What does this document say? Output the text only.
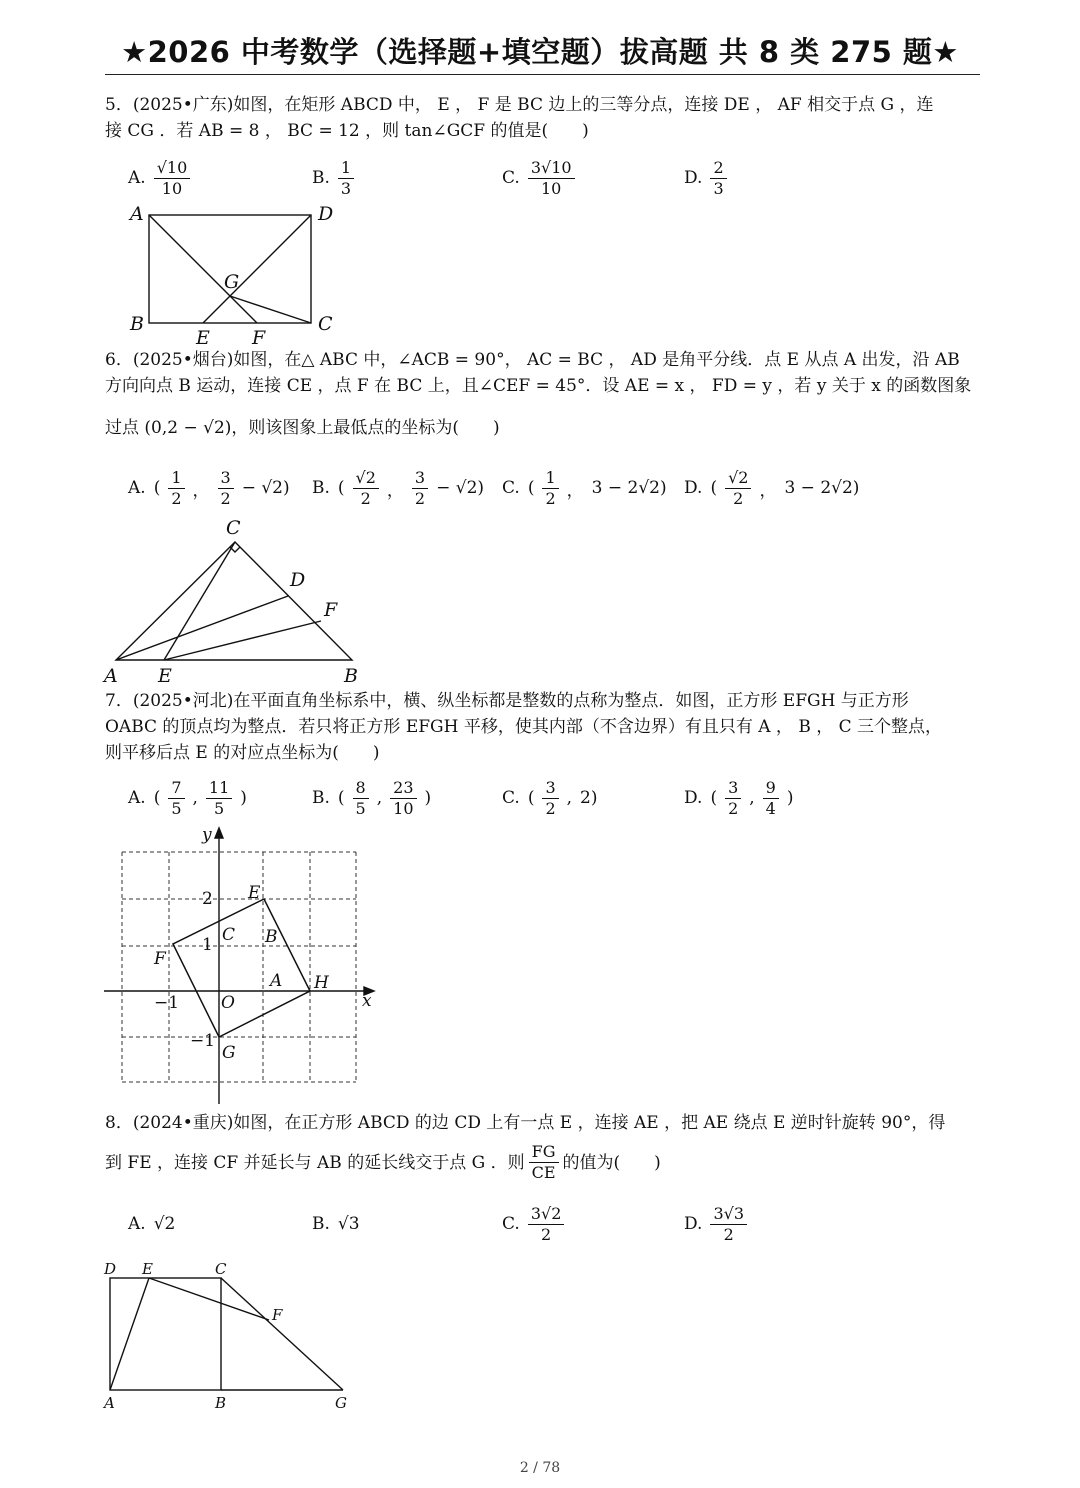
★2026 中考数学（选择题+填空题）拔高题 共 8 类 275 题★
5．(2025•广东)如图，在矩形 ABCD 中， E ， F 是 BC 边上的三等分点，连接 DE ， AF 相交于点 G ，连
接 CG ．若 AB = 8 ， BC = 12 ，则 tan∠GCF 的值是(　　)
A. $\frac{√10}{10}$	B. $\frac{1}{3}$	C. $\frac{3√10}{10}$	D. $\frac{2}{3}$
A	D
B	C
G
E F
6．(2025•烟台)如图，在△ ABC 中，∠ACB = 90°， AC = BC ， AD 是角平分线．点 E 从点 A 出发，沿 AB
方向向点 B 运动，连接 CE ，点 F 在 BC 上，且∠CEF = 45°．设 AE = x ， FD = y ，若 y 关于 x 的函数图象
过点 (0,2 − √2)，则该图象上最低点的坐标为(　　)
A. ( $\frac{1}{2}$ ， $\frac{3}{2} - √2$) B. ( $\frac{√2}{2}$ ， $\frac{3}{2} - √2$) C. ( $\frac{1}{2}$ ， 3 − 2√2) D. ( $\frac{√2}{2}$ ， 3 − 2√2)
C
D
F
A E	B
7．(2025•河北)在平面直角坐标系中，横、纵坐标都是整数的点称为整点．如图，正方形 EFGH 与正方形
OABC 的顶点均为整点．若只将正方形 EFGH 平移，使其内部（不含边界）有且只有 A ， B ， C 三个整点，
则平移后点 E 的对应点坐标为(　　)
A. ( $\frac{7}{5}$ , $\frac{11}{5}$ )	B. ( $\frac{8}{5}$ , $\frac{23}{10}$ )	C. ( $\frac{3}{2}$ , 2)	D. ( $\frac{3}{2}$ , $\frac{9}{4}$ )
y
x
O
E
F
G
H
A
B
C
2
1
−1
−1
8．(2024•重庆)如图，在正方形 ABCD 的边 CD 上有一点 E ，连接 AE ，把 AE 绕点 E 逆时针旋转 90°，得
到 FE ，连接 CF 并延长与 AB 的延长线交于点 G ．则 $\frac{FG}{CE}$ 的值为(　　)
A. √2	B. √3	C. $\frac{3√2}{2}$	D. $\frac{3√3}{2}$
D E	C
F
A	B	G
2 / 78
